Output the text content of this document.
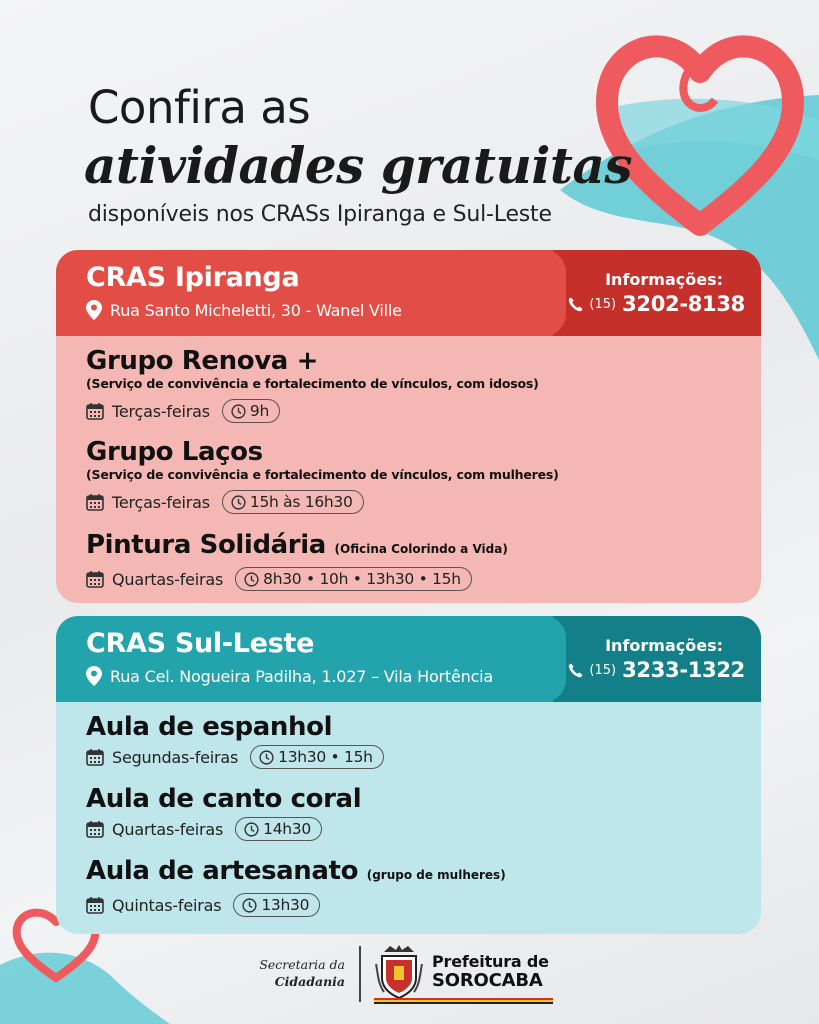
Confira as
atividades gratuitas
disponíveis nos CRASs Ipiranga e Sul-Leste
CRAS Ipiranga
Rua Santo Micheletti, 30 - Wanel Ville
Informações:
(15) 3202-8138
Grupo Renova +
(Serviço de convivência e fortalecimento de vínculos, com idosos)
Terças-feiras	9h
Grupo Laços
(Serviço de convivência e fortalecimento de vínculos, com mulheres)
Terças-feiras	15h às 16h30
Pintura Solidária (Oficina Colorindo a Vida)
Quartas-feiras	8h30 • 10h • 13h30 • 15h
CRAS Sul-Leste
Rua Cel. Nogueira Padilha, 1.027 – Vila Hortência
Informações:
(15) 3233-1322
Aula de espanhol
Segundas-feiras	13h30 • 15h
Aula de canto coral
Quartas-feiras	14h30
Aula de artesanato (grupo de mulheres)
Quintas-feiras	13h30
Secretaria da
Cidadania
Prefeitura de
SOROCABA
